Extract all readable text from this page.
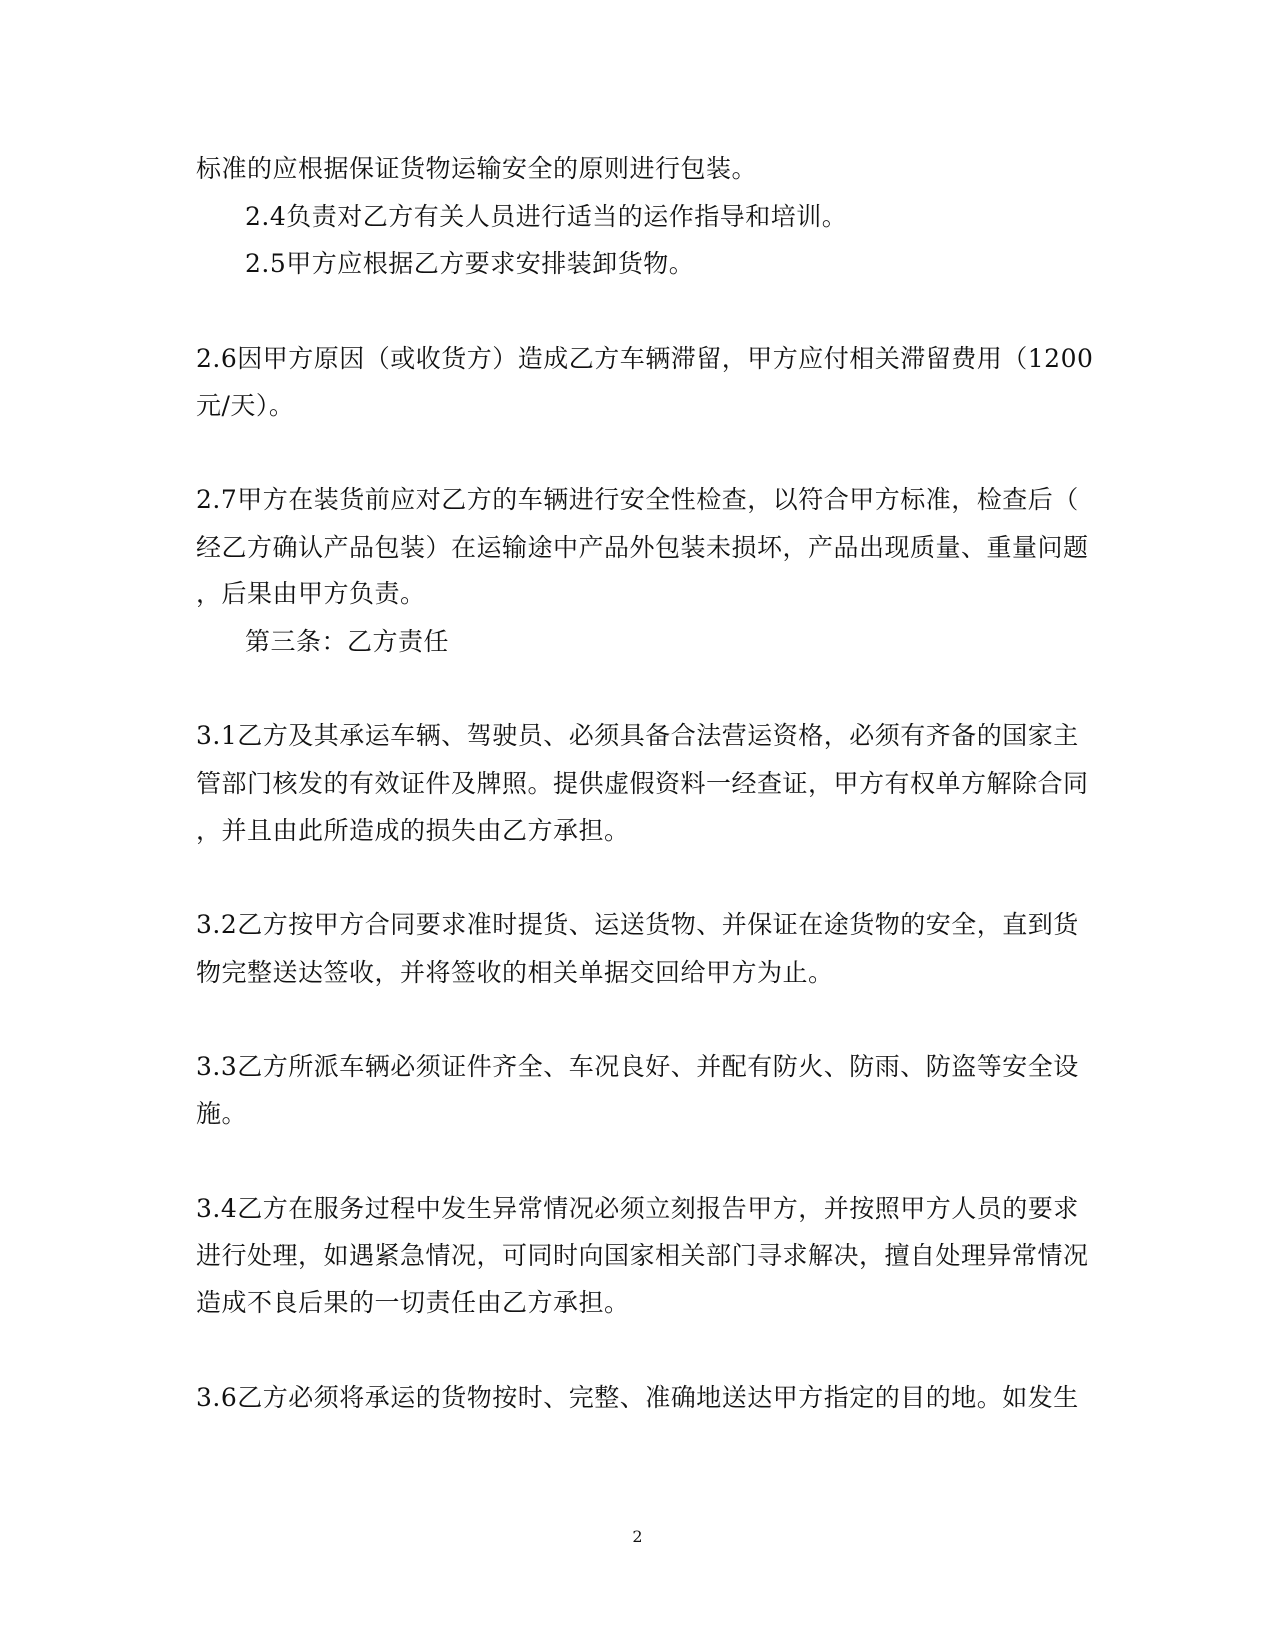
标准的应根据保证货物运输安全的原则进行包装。
2.4负责对乙方有关人员进行适当的运作指导和培训。
2.5甲方应根据乙方要求安排装卸货物。
2.6因甲方原因（或收货方）造成乙方车辆滞留，甲方应付相关滞留费用（1200
元/天）。
2.7甲方在装货前应对乙方的车辆进行安全性检查，以符合甲方标准，检查后（
经乙方确认产品包装）在运输途中产品外包装未损坏，产品出现质量、重量问题
，后果由甲方负责。
第三条：乙方责任
3.1乙方及其承运车辆、驾驶员、必须具备合法营运资格，必须有齐备的国家主
管部门核发的有效证件及牌照。提供虚假资料一经查证，甲方有权单方解除合同
，并且由此所造成的损失由乙方承担。
3.2乙方按甲方合同要求准时提货、运送货物、并保证在途货物的安全，直到货
物完整送达签收，并将签收的相关单据交回给甲方为止。
3.3乙方所派车辆必须证件齐全、车况良好、并配有防火、防雨、防盗等安全设
施。
3.4乙方在服务过程中发生异常情况必须立刻报告甲方，并按照甲方人员的要求
进行处理，如遇紧急情况，可同时向国家相关部门寻求解决，擅自处理异常情况
造成不良后果的一切责任由乙方承担。
3.6乙方必须将承运的货物按时、完整、准确地送达甲方指定的目的地。如发生
2
